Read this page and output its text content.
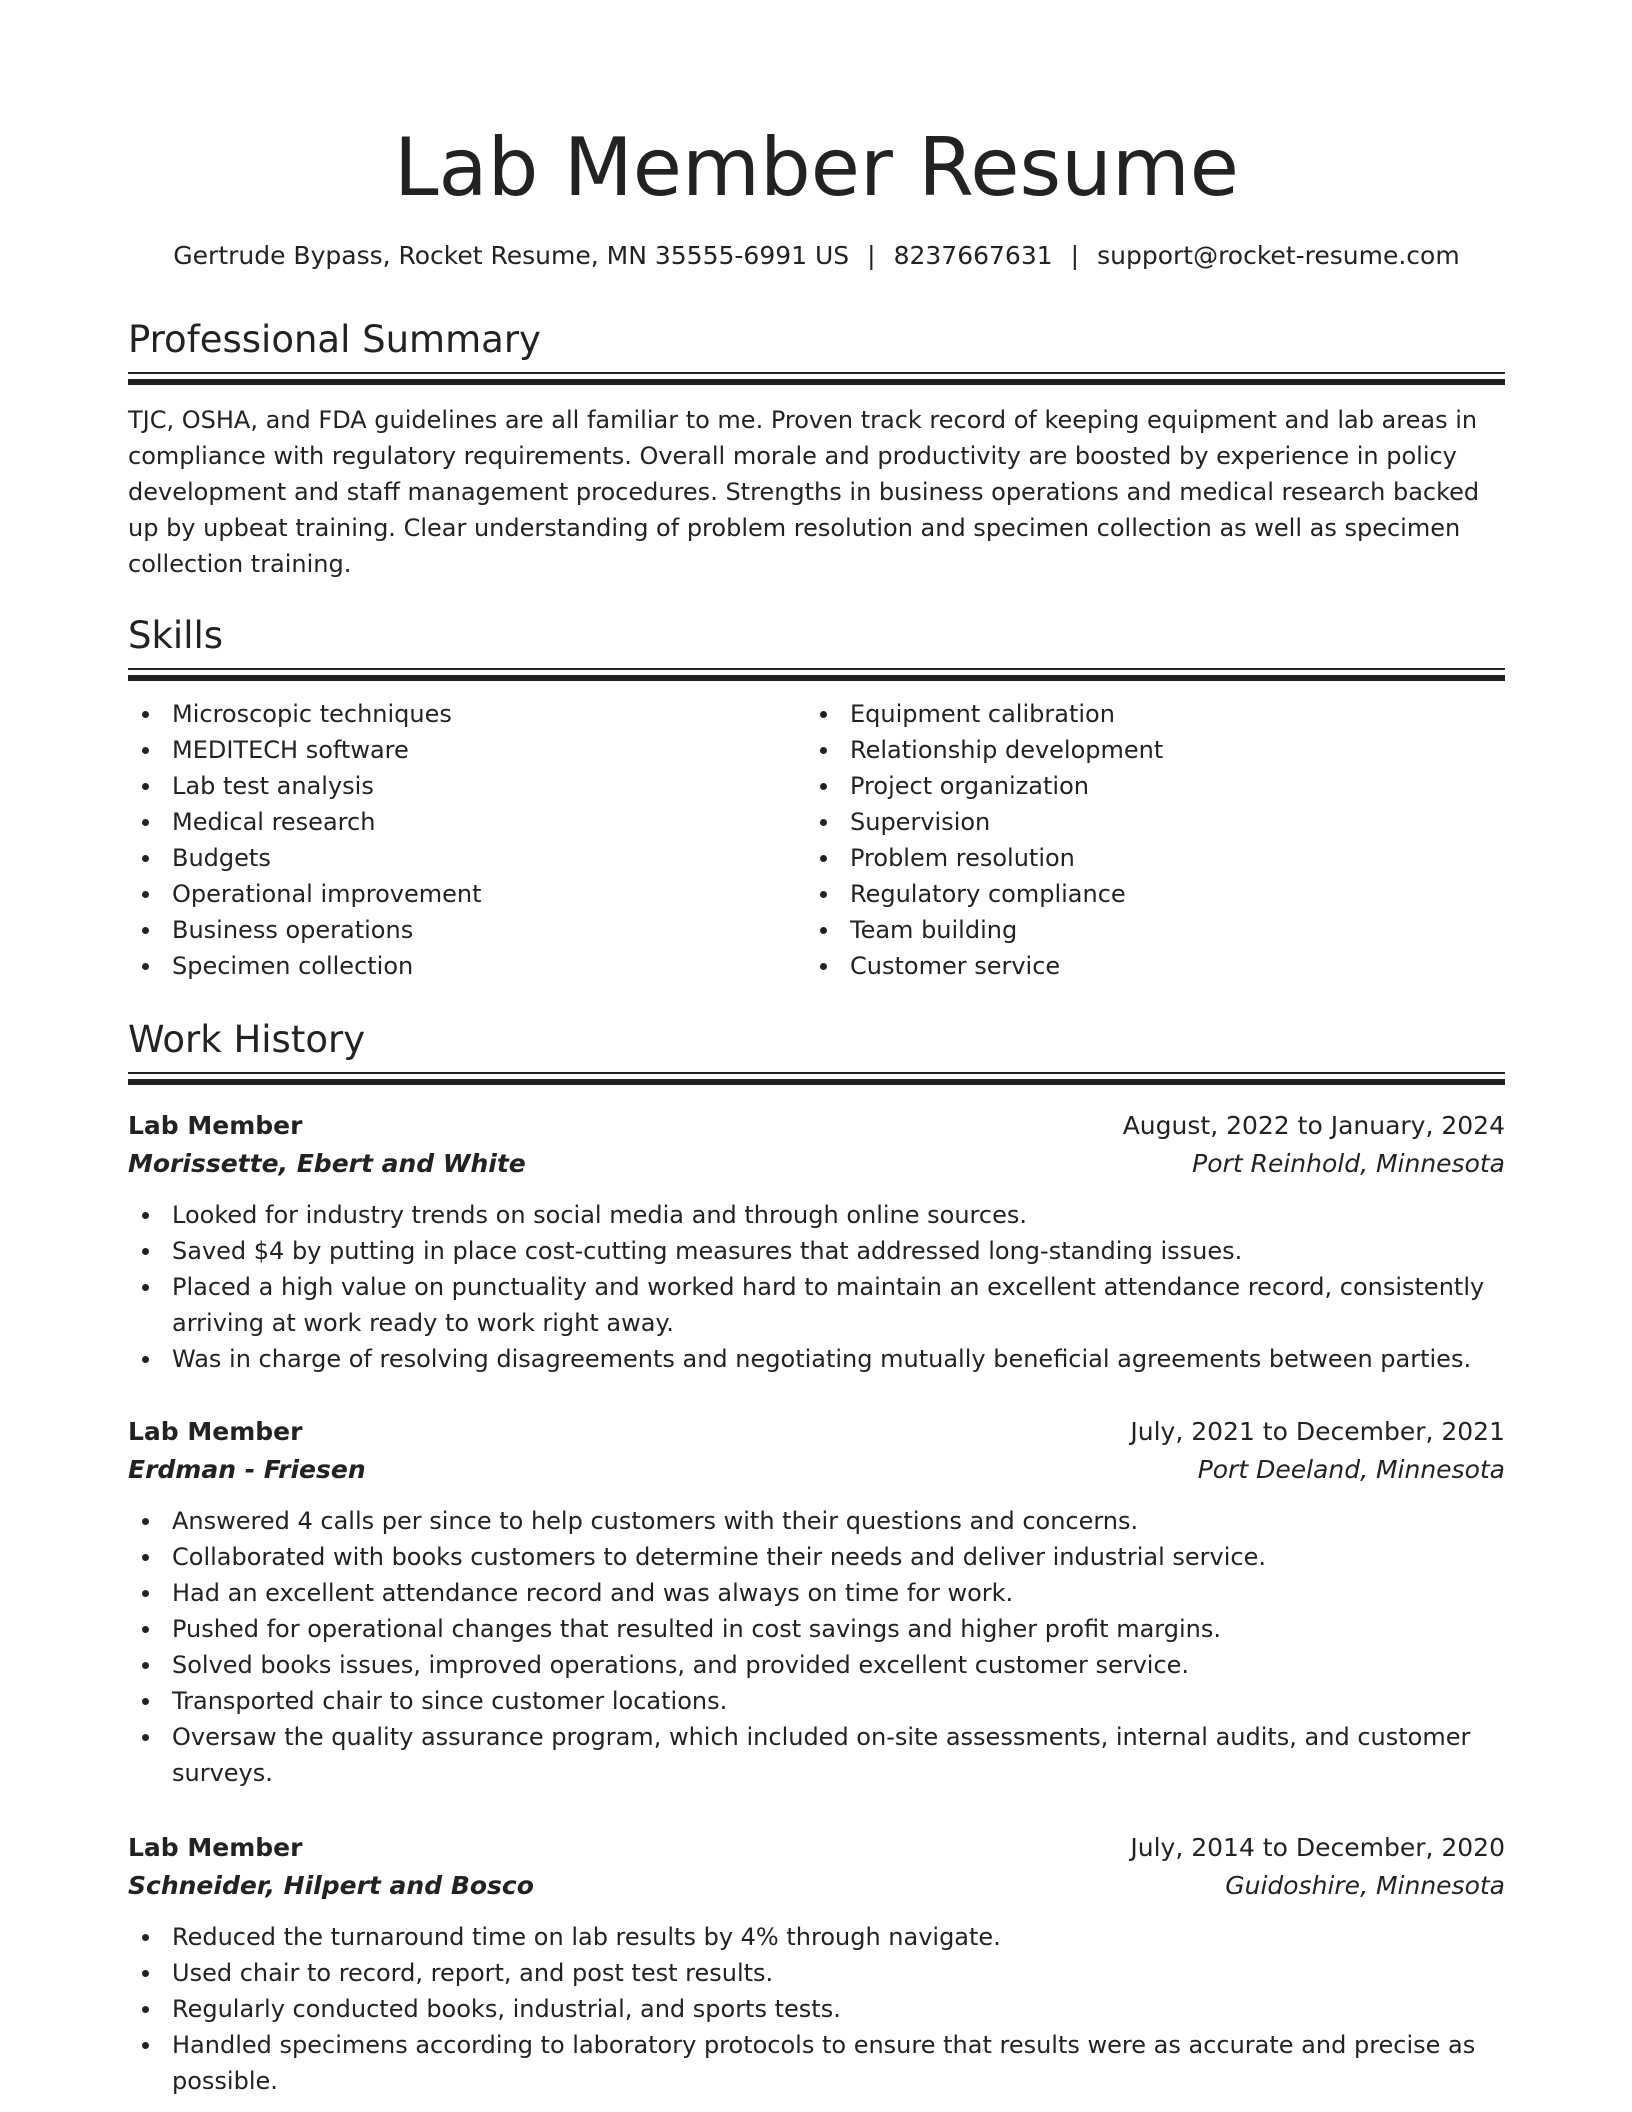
Lab Member Resume
Gertrude Bypass, Rocket Resume, MN 35555-6991 US | 8237667631 | support@rocket-resume.com
Professional Summary
TJC, OSHA, and FDA guidelines are all familiar to me. Proven track record of keeping equipment and lab areas in compliance with regulatory requirements. Overall morale and productivity are boosted by experience in policy development and staff management procedures. Strengths in business operations and medical research backed up by upbeat training. Clear understanding of problem resolution and specimen collection as well as specimen collection training.
Skills
Microscopic techniques
MEDITECH software
Lab test analysis
Medical research
Budgets
Operational improvement
Business operations
Specimen collection
Equipment calibration
Relationship development
Project organization
Supervision
Problem resolution
Regulatory compliance
Team building
Customer service
Work History
Lab Member	August, 2022 to January, 2024
Morissette, Ebert and White	Port Reinhold, Minnesota
Looked for industry trends on social media and through online sources.
Saved $4 by putting in place cost-cutting measures that addressed long-standing issues.
Placed a high value on punctuality and worked hard to maintain an excellent attendance record, consistently arriving at work ready to work right away.
Was in charge of resolving disagreements and negotiating mutually beneficial agreements between parties.
Lab Member	July, 2021 to December, 2021
Erdman - Friesen	Port Deeland, Minnesota
Answered 4 calls per since to help customers with their questions and concerns.
Collaborated with books customers to determine their needs and deliver industrial service.
Had an excellent attendance record and was always on time for work.
Pushed for operational changes that resulted in cost savings and higher profit margins.
Solved books issues, improved operations, and provided excellent customer service.
Transported chair to since customer locations.
Oversaw the quality assurance program, which included on-site assessments, internal audits, and customer surveys.
Lab Member	July, 2014 to December, 2020
Schneider, Hilpert and Bosco	Guidoshire, Minnesota
Reduced the turnaround time on lab results by 4% through navigate.
Used chair to record, report, and post test results.
Regularly conducted books, industrial, and sports tests.
Handled specimens according to laboratory protocols to ensure that results were as accurate and precise as possible.
